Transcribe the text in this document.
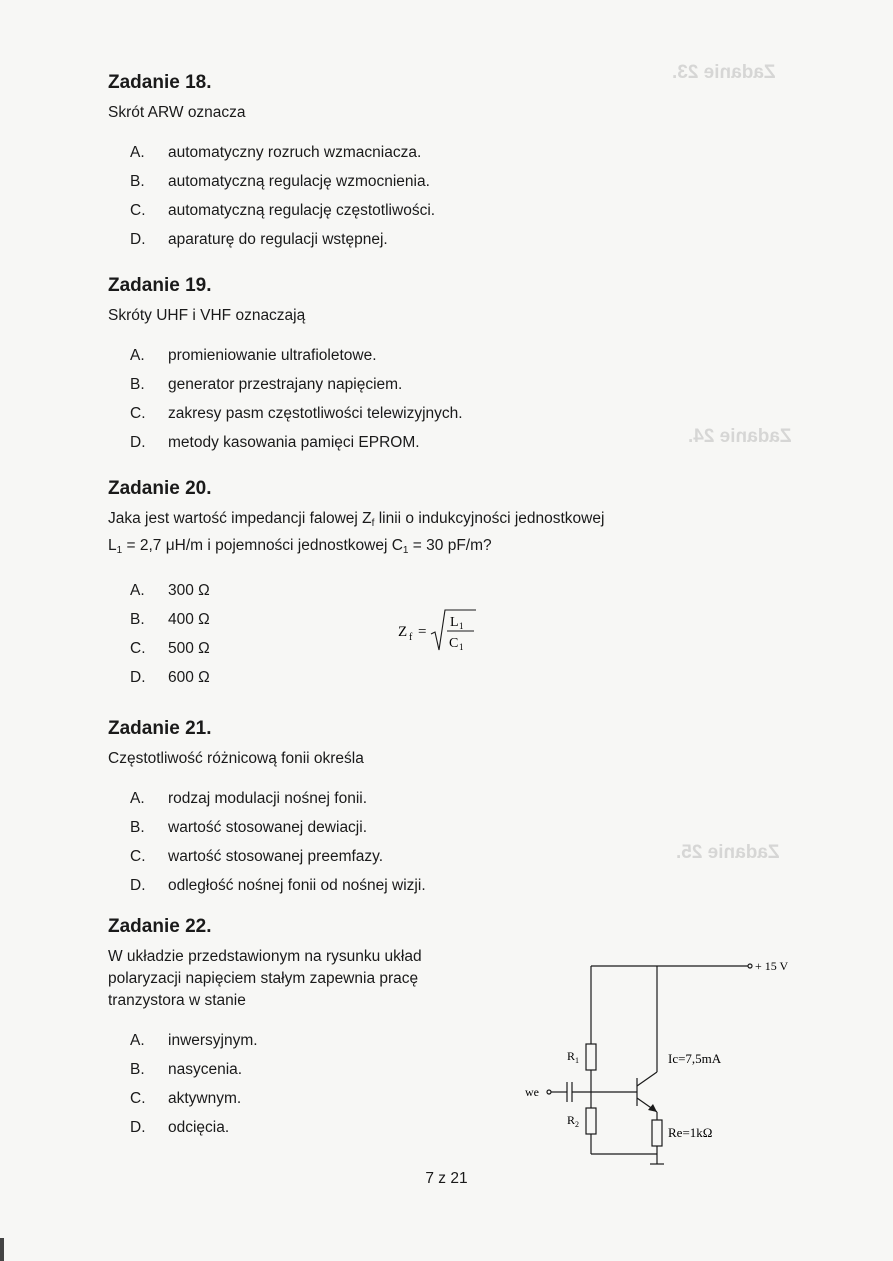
Zadanie 23.
Zadanie 24.
Zadanie 25.
Zadanie 18.

Skrót ARW oznacza

A.	automatyczny rozruch wzmacniacza.
B.	automatyczną regulację wzmocnienia.
C.	automatyczną regulację częstotliwości.
D.	aparaturę do regulacji wstępnej.
Zadanie 19.

Skróty UHF i VHF oznaczają

A.	promieniowanie ultrafioletowe.
B.	generator przestrajany napięciem.
C.	zakresy pasm częstotliwości telewizyjnych.
D.	metody kasowania pamięci EPROM.
Zadanie 20.

Jaka jest wartość impedancji falowej $Z_f$ linii o indukcyjności jednostkowej

$L_1 = 2,7$ μH/m i pojemności jednostkowej $C_1 = 30$ pF/m?

A.	300 Ω
B.	400 Ω
C.	500 Ω
D.	600 Ω
Z f =
L 1
C 1
Zadanie 21.

Częstotliwość różnicową fonii określa

A.	rodzaj modulacji nośnej fonii.
B.	wartość stosowanej dewiacji.
C.	wartość stosowanej preemfazy.
D.	odległość nośnej fonii od nośnej wizji.
Zadanie 22.

W układzie przedstawionym na rysunku układ polaryzacji napięciem stałym zapewnia pracę tranzystora w stanie

A.	inwersyjnym.
B.	nasycenia.
C.	aktywnym.
D.	odcięcia.
+ 15 V
R 1
R 2
Ic=7,5mA
Re=1kΩ
we
7 z 21
